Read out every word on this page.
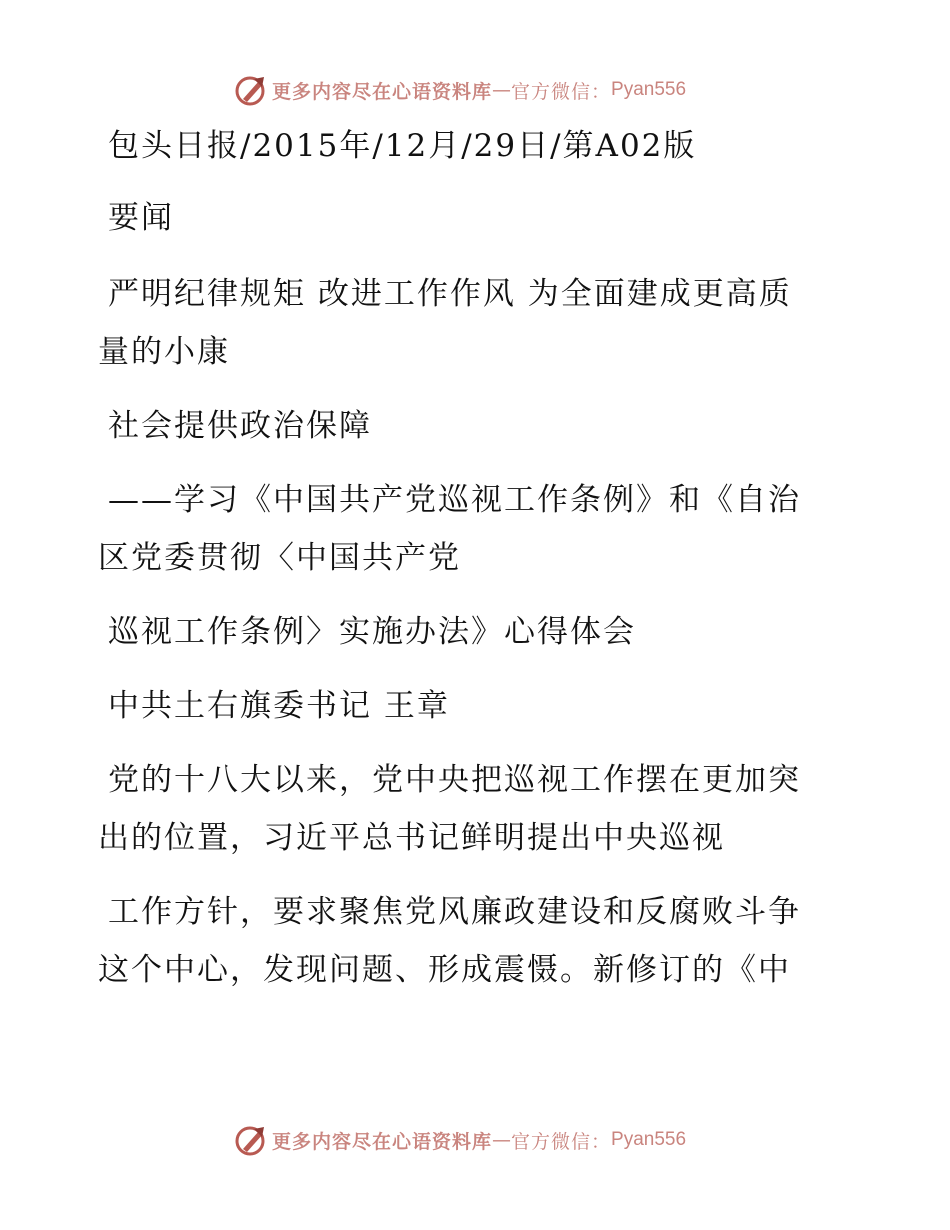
更多内容尽在心语资料库 — 官方微信： Pyan556
包头日报/2015年/12月/29日/第A02版
要闻
严明纪律规矩 改进工作作风 为全面建成更高质
量的小康
社会提供政治保障
——学习《中国共产党巡视工作条例》和《自治
区党委贯彻〈中国共产党
巡视工作条例〉实施办法》心得体会
中共土右旗委书记 王章
党的十八大以来，党中央把巡视工作摆在更加突
出的位置，习近平总书记鲜明提出中央巡视
工作方针，要求聚焦党风廉政建设和反腐败斗争
这个中心，发现问题、形成震慑。新修订的《中
更多内容尽在心语资料库 — 官方微信： Pyan556
